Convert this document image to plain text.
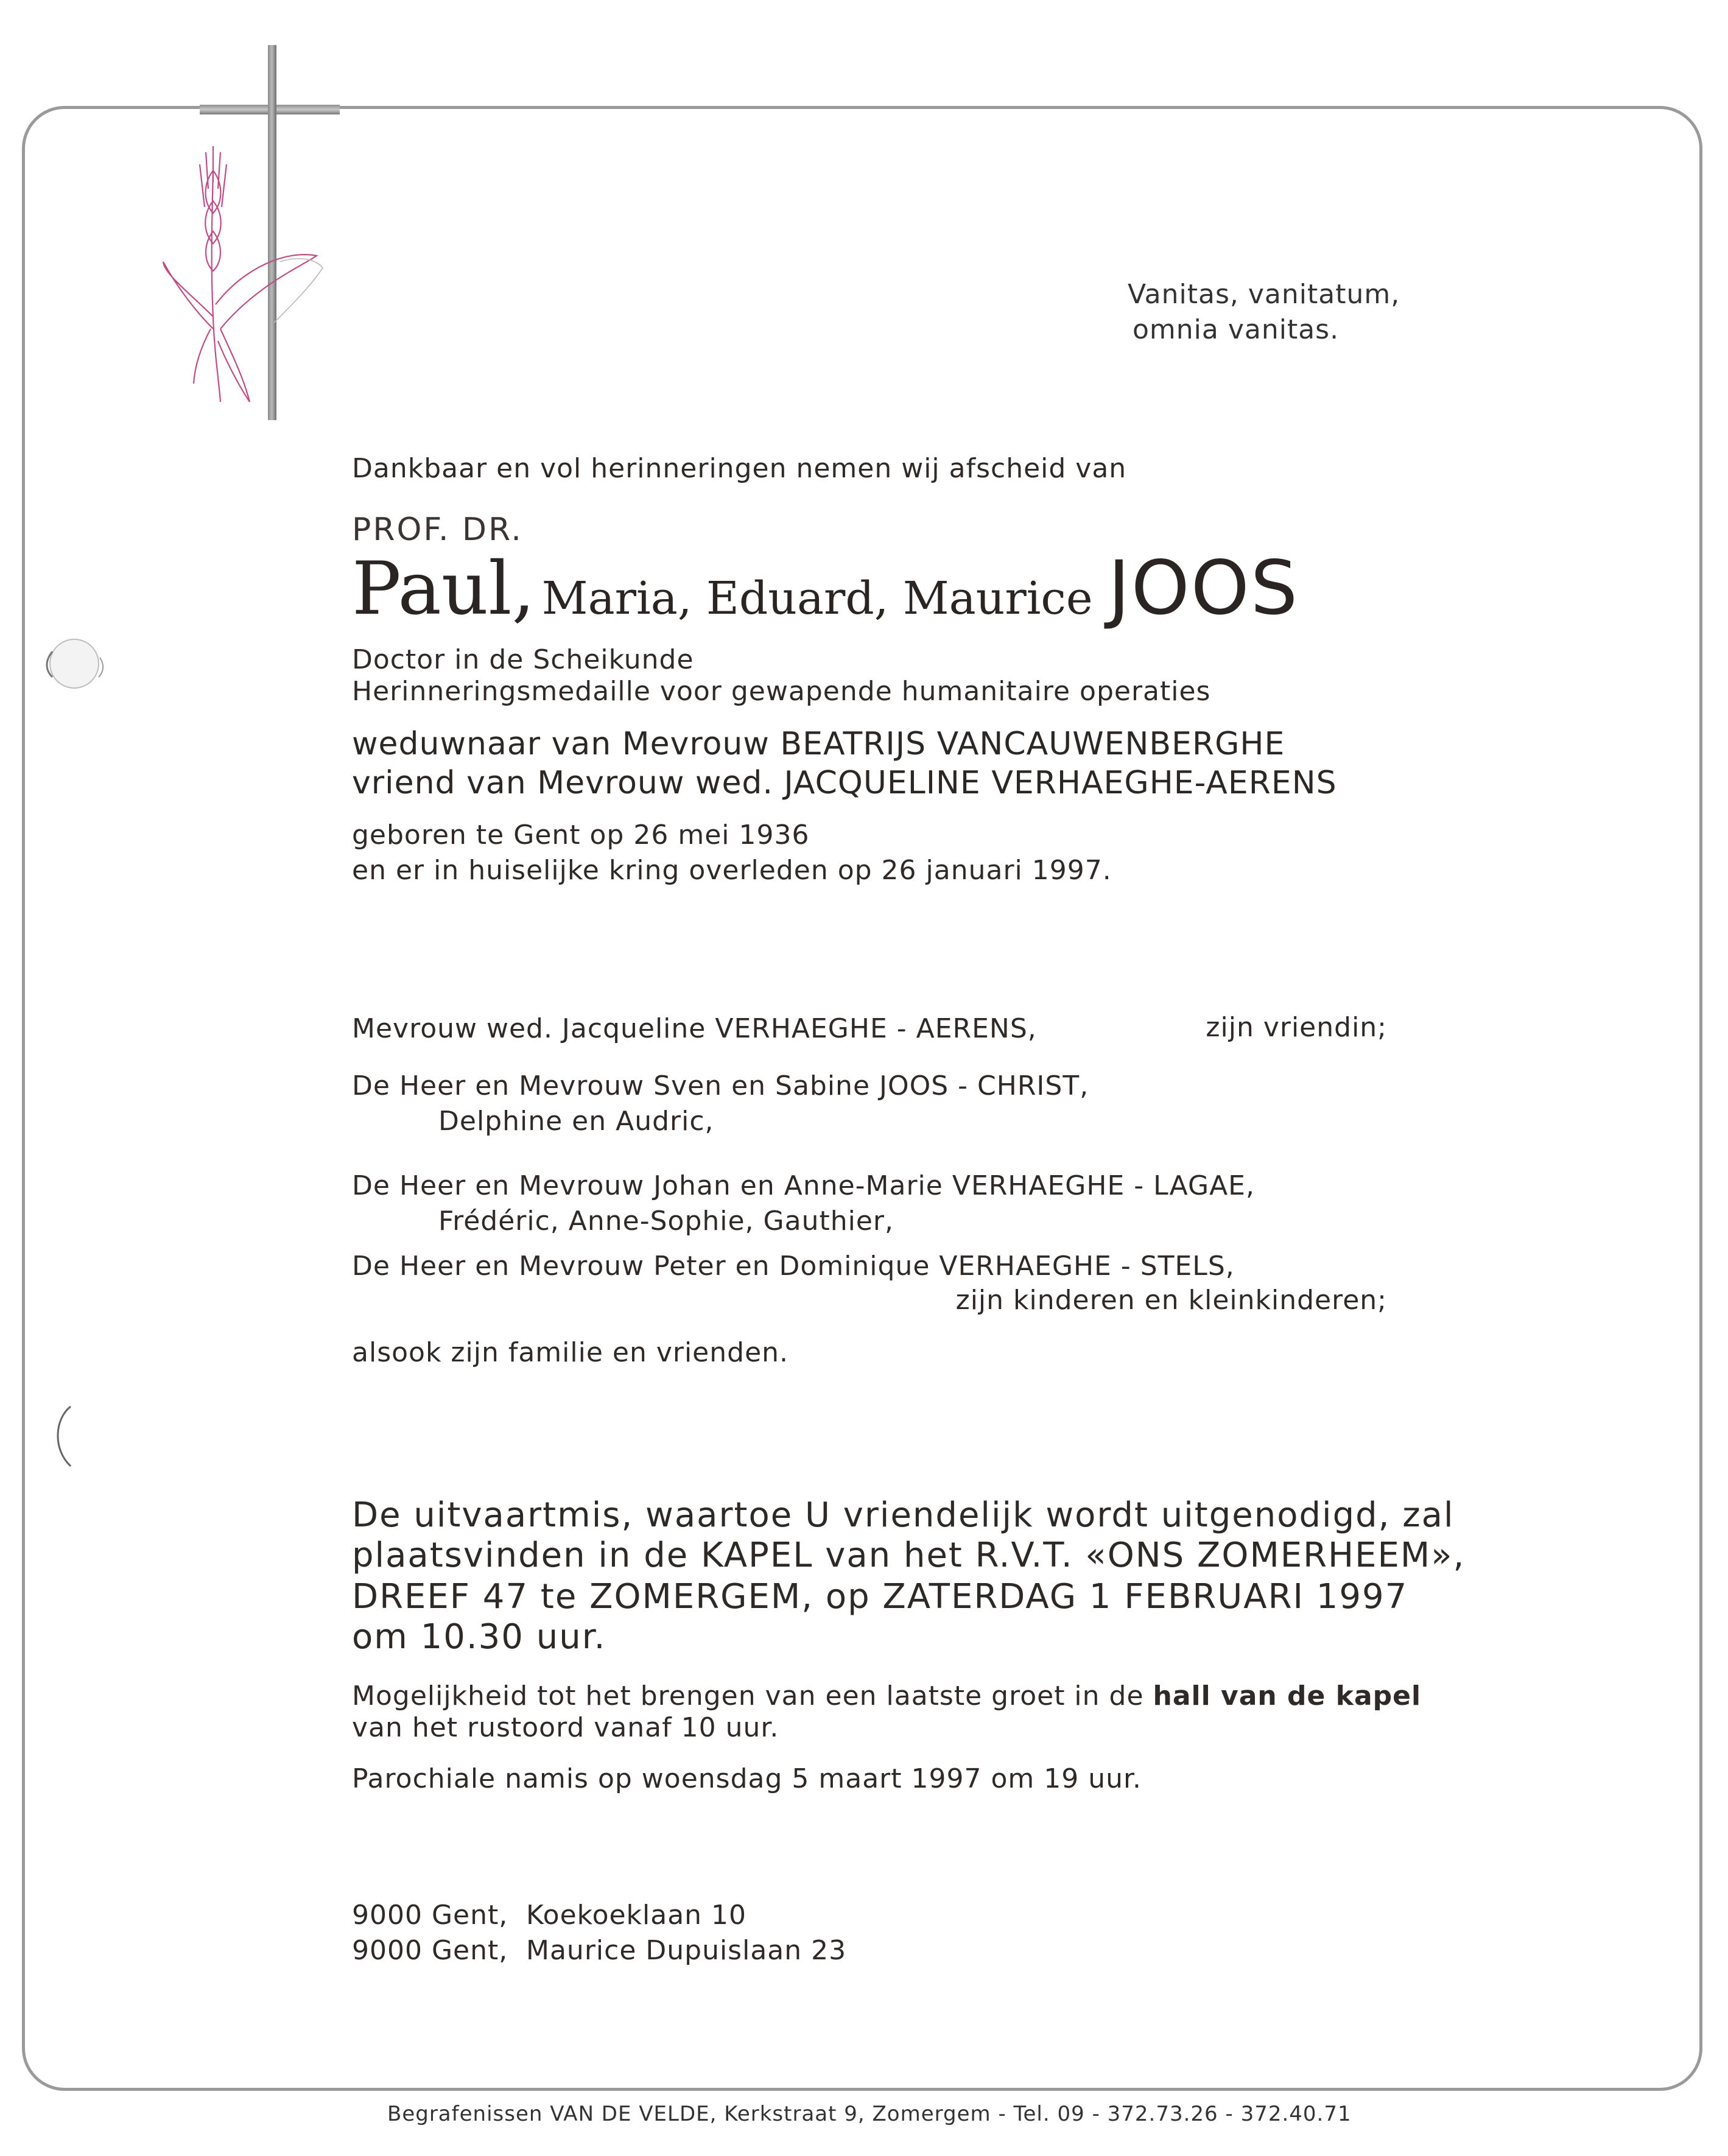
Vanitas, vanitatum,
omnia vanitas.
Dankbaar en vol herinneringen nemen wij afscheid van
PROF. DR.
Paul, Maria, Eduard, Maurice JOOS
Doctor in de Scheikunde
Herinneringsmedaille voor gewapende humanitaire operaties
weduwnaar van Mevrouw BEATRIJS VANCAUWENBERGHE
vriend van Mevrouw wed. JACQUELINE VERHAEGHE-AERENS
geboren te Gent op 26 mei 1936
en er in huiselijke kring overleden op 26 januari 1997.
Mevrouw wed. Jacqueline VERHAEGHE - AERENS,	zijn vriendin;
De Heer en Mevrouw Sven en Sabine JOOS - CHRIST,
Delphine en Audric,
De Heer en Mevrouw Johan en Anne-Marie VERHAEGHE - LAGAE,
Frédéric, Anne-Sophie, Gauthier,
De Heer en Mevrouw Peter en Dominique VERHAEGHE - STELS,
zijn kinderen en kleinkinderen;
alsook zijn familie en vrienden.
De uitvaartmis, waartoe U vriendelijk wordt uitgenodigd, zal
plaatsvinden in de KAPEL van het R.V.T. «ONS ZOMERHEEM»,
DREEF 47 te ZOMERGEM, op ZATERDAG 1 FEBRUARI 1997
om 10.30 uur.
Mogelijkheid tot het brengen van een laatste groet in de hall van de kapel
van het rustoord vanaf 10 uur.
Parochiale namis op woensdag 5 maart 1997 om 19 uur.
9000 Gent, Koekoeklaan 10
9000 Gent, Maurice Dupuislaan 23
Begrafenissen VAN DE VELDE, Kerkstraat 9, Zomergem - Tel. 09 - 372.73.26 - 372.40.71
